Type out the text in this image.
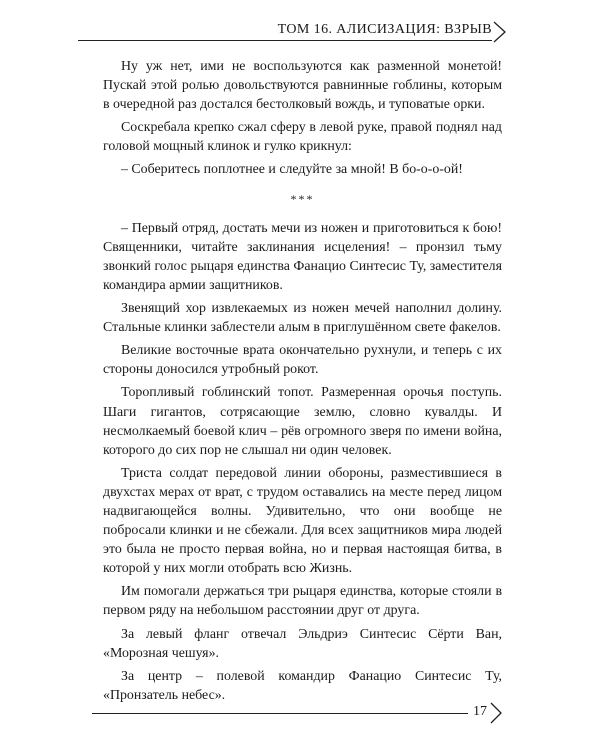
ТОМ 16. АЛИСИЗАЦИЯ: ВЗРЫВ

Ну уж нет, ими не воспользуются как разменной монетой! Пускай этой ролью довольствуются равнинные гоблины, которым в очередной раз достался бестолковый вождь, и туповатые орки.

Соскребала крепко сжал сферу в левой руке, правой поднял над головой мощный клинок и гулко крикнул:

– Соберитесь поплотнее и следуйте за мной! В бо-о-о-ой!

***

– Первый отряд, достать мечи из ножен и приготовиться к бою! Священники, читайте заклинания исцеления! – пронзил тьму звонкий голос рыцаря единства Фанацио Синтесис Ту, заместителя командира армии защитников.

Звенящий хор извлекаемых из ножен мечей наполнил долину. Стальные клинки заблестели алым в приглушённом свете факелов.

Великие восточные врата окончательно рухнули, и теперь с их стороны доносился утробный рокот.

Торопливый гоблинский топот. Размеренная орочья поступь. Шаги гигантов, сотрясающие землю, словно кувалды. И несмолкаемый боевой клич – рёв огромного зверя по имени война, которого до сих пор не слышал ни один человек.

Триста солдат передовой линии обороны, разместившиеся в двухстах мерах от врат, с трудом оставались на месте перед лицом надвигающейся волны. Удивительно, что они вообще не побросали клинки и не сбежали. Для всех защитников мира людей это была не просто первая война, но и первая настоящая битва, в которой у них могли отобрать всю Жизнь.

Им помогали держаться три рыцаря единства, которые стояли в первом ряду на небольшом расстоянии друг от друга.

За левый фланг отвечал Эльдриэ Синтесис Сёрти Ван, «Морозная чешуя».

За центр – полевой командир Фанацио Синтесис Ту, «Пронзатель небес».

17
